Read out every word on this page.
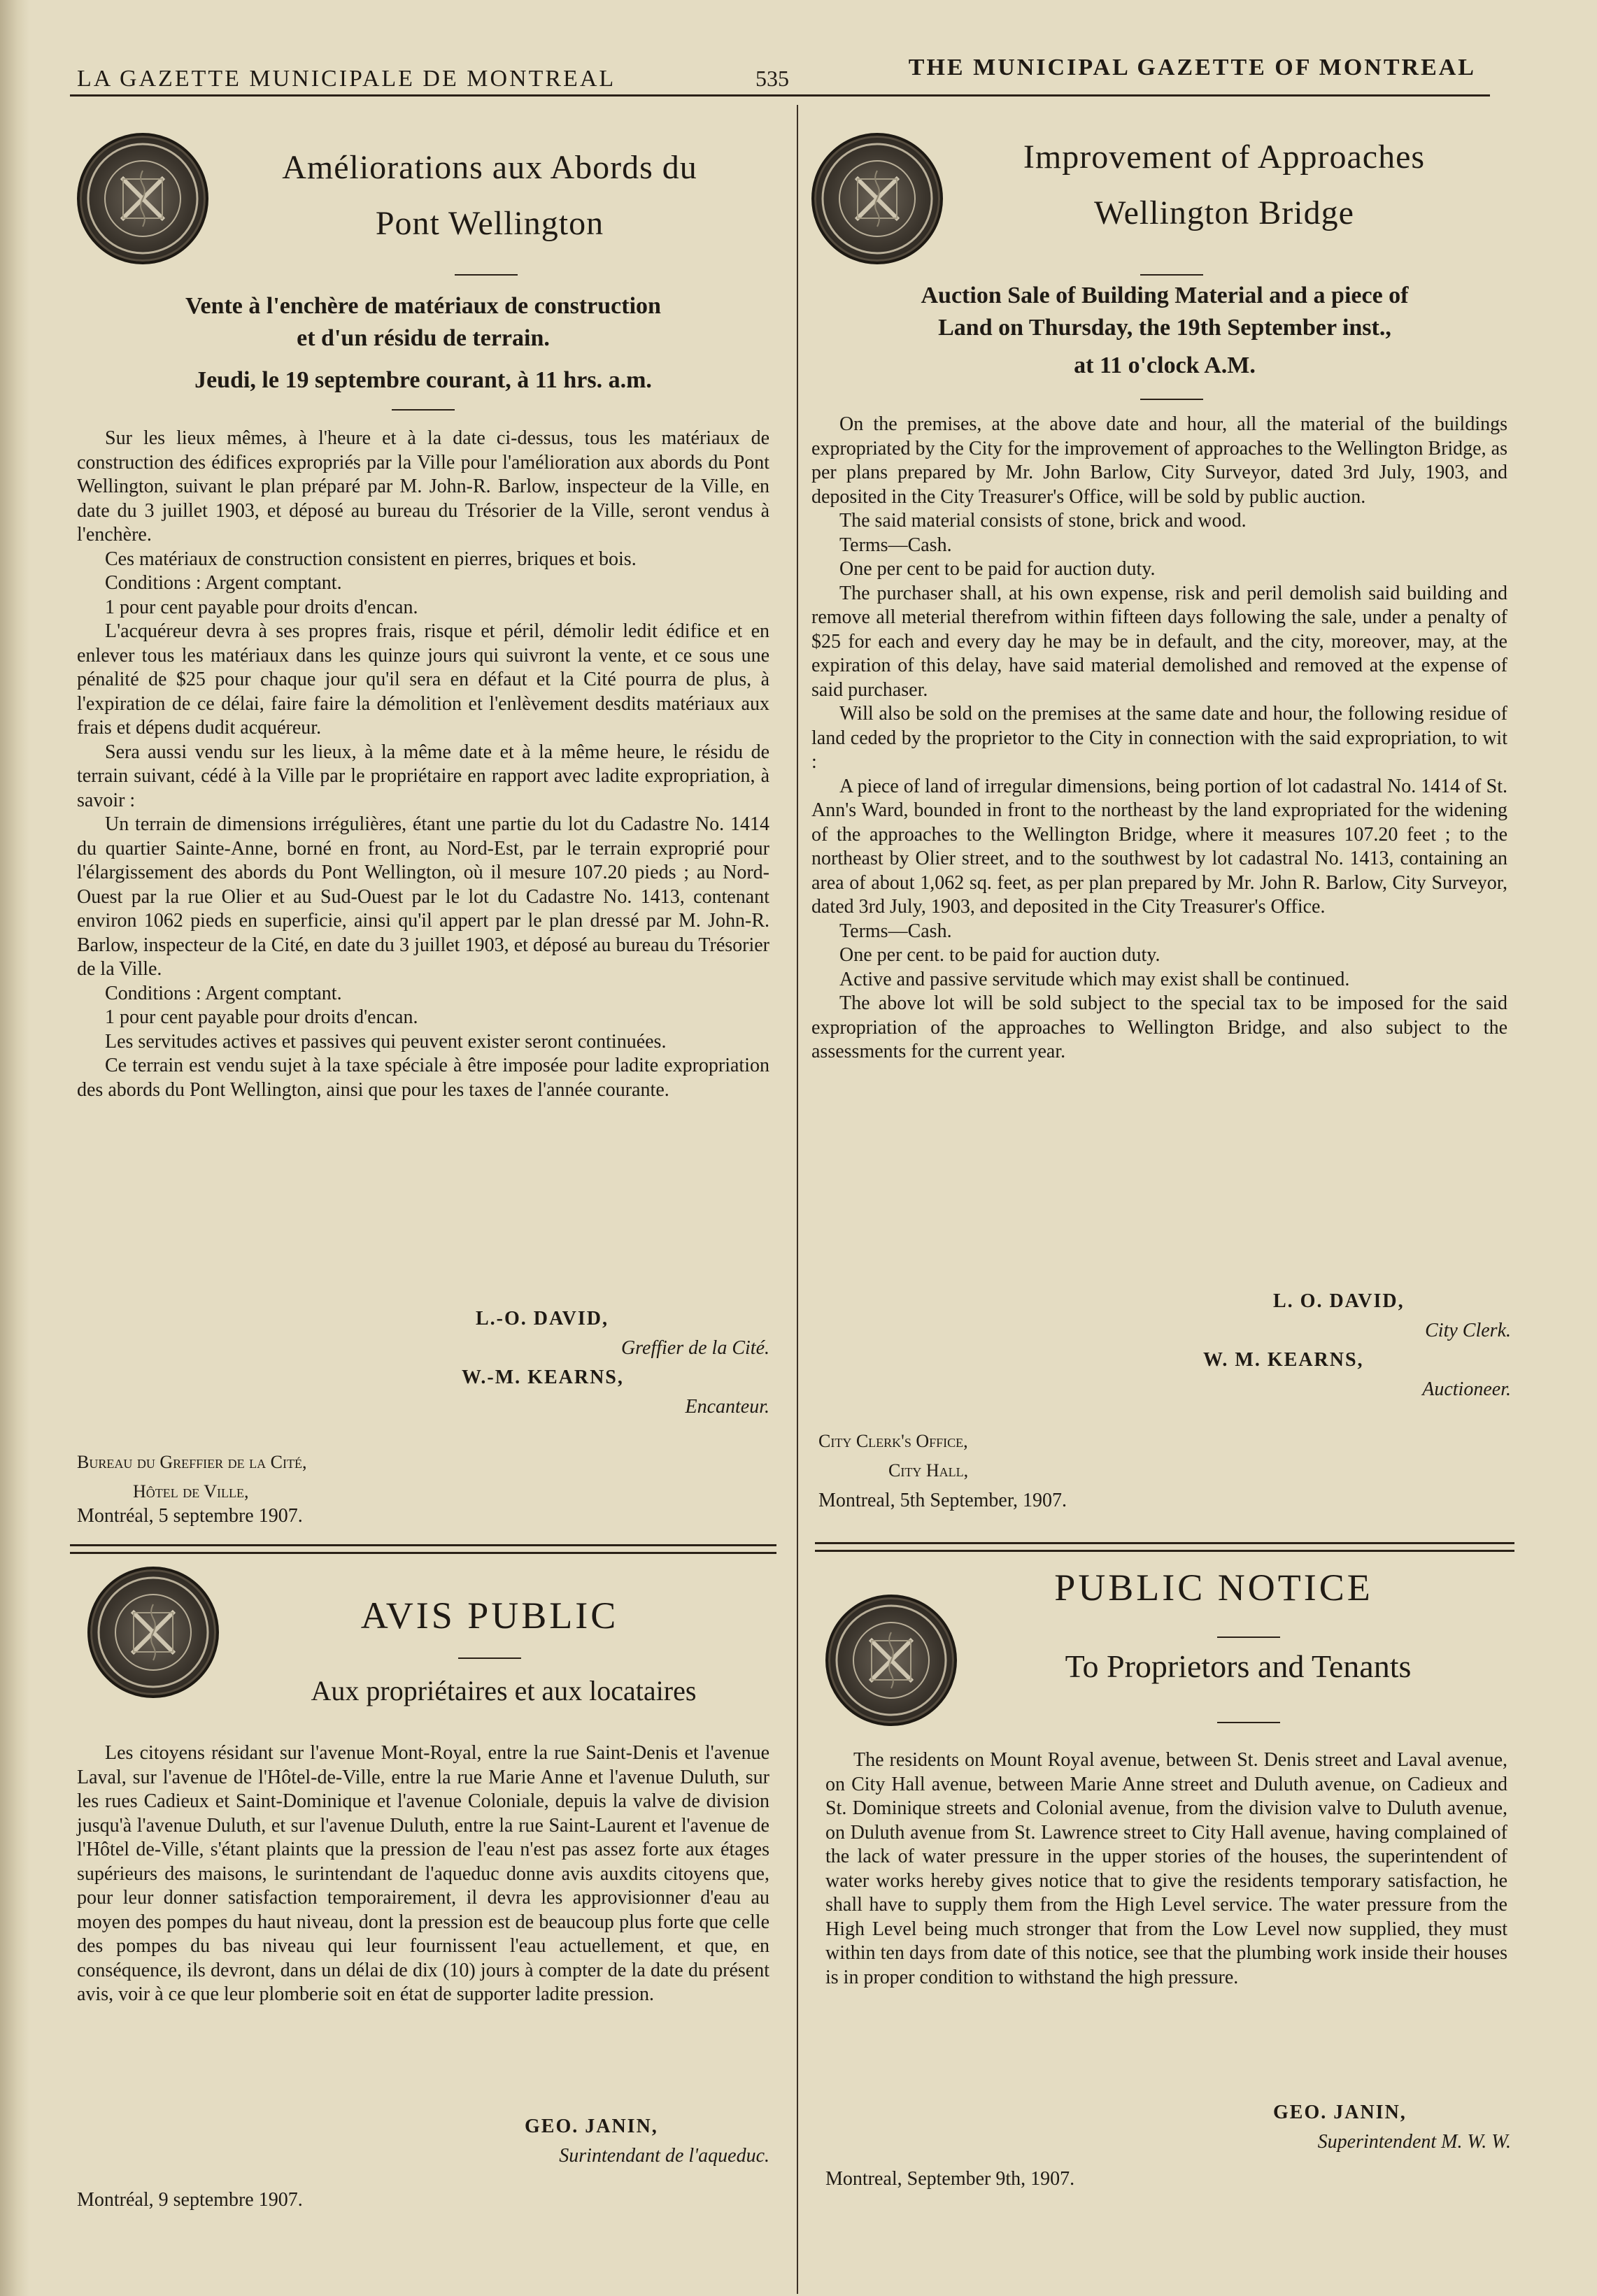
LA GAZETTE MUNICIPALE DE MONTREAL	535	THE MUNICIPAL GAZETTE OF MONTREAL
Améliorations aux Abords du
Pont Wellington
Vente à l'enchère de matériaux de construction
et d'un résidu de terrain.
Jeudi, le 19 septembre courant, à 11 hrs. a.m.

Sur les lieux mêmes, à l'heure et à la date ci-dessus, tous les matériaux de construction des édifices expropriés par la Ville pour l'amélioration aux abords du Pont Wellington, suivant le plan préparé par M. John-R. Barlow, inspecteur de la Ville, en date du 3 juillet 1903, et déposé au bureau du Trésorier de la Ville, seront vendus à l'enchère.

Ces matériaux de construction consistent en pierres, briques et bois.

Conditions : Argent comptant.

1 pour cent payable pour droits d'encan.

L'acquéreur devra à ses propres frais, risque et péril, démolir ledit édifice et en enlever tous les matériaux dans les quinze jours qui suivront la vente, et ce sous une pénalité de $25 pour chaque jour qu'il sera en défaut et la Cité pourra de plus, à l'expiration de ce délai, faire faire la démolition et l'enlèvement desdits matériaux aux frais et dépens dudit acquéreur.

Sera aussi vendu sur les lieux, à la même date et à la même heure, le résidu de terrain suivant, cédé à la Ville par le propriétaire en rapport avec ladite expropriation, à savoir :

Un terrain de dimensions irrégulières, étant une partie du lot du Cadastre No. 1414 du quartier Sainte-Anne, borné en front, au Nord-Est, par le terrain exproprié pour l'élargissement des abords du Pont Wellington, où il mesure 107.20 pieds ; au Nord-Ouest par la rue Olier et au Sud-Ouest par le lot du Cadastre No. 1413, contenant environ 1062 pieds en superficie, ainsi qu'il appert par le plan dressé par M. John-R. Barlow, inspecteur de la Cité, en date du 3 juillet 1903, et déposé au bureau du Trésorier de la Ville.

Conditions : Argent comptant.

1 pour cent payable pour droits d'encan.

Les servitudes actives et passives qui peuvent exister seront continuées.

Ce terrain est vendu sujet à la taxe spéciale à être imposée pour ladite expropriation des abords du Pont Wellington, ainsi que pour les taxes de l'année courante.

L.-O. DAVID,
Greffier de la Cité.
W.-M. KEARNS,
Encanteur.
Bureau du Greffier de la Cité,
Hôtel de Ville,
Montréal, 5 septembre 1907.
Improvement of Approaches
Wellington Bridge
Auction Sale of Building Material and a piece of
Land on Thursday, the 19th September inst.,
at 11 o'clock A.M.

On the premises, at the above date and hour, all the material of the buildings expropriated by the City for the improvement of approaches to the Wellington Bridge, as per plans prepared by Mr. John Barlow, City Surveyor, dated 3rd July, 1903, and deposited in the City Treasurer's Office, will be sold by public auction.

The said material consists of stone, brick and wood.

Terms—Cash.

One per cent to be paid for auction duty.

The purchaser shall, at his own expense, risk and peril demolish said building and remove all meterial therefrom within fifteen days following the sale, under a penalty of $25 for each and every day he may be in default, and the city, moreover, may, at the expiration of this delay, have said material demolished and removed at the expense of said purchaser.

Will also be sold on the premises at the same date and hour, the following residue of land ceded by the proprietor to the City in connection with the said expropriation, to wit :

A piece of land of irregular dimensions, being portion of lot cadastral No. 1414 of St. Ann's Ward, bounded in front to the northeast by the land expropriated for the widening of the approaches to the Wellington Bridge, where it measures 107.20 feet ; to the northeast by Olier street, and to the southwest by lot cadastral No. 1413, containing an area of about 1,062 sq. feet, as per plan prepared by Mr. John R. Barlow, City Surveyor, dated 3rd July, 1903, and deposited in the City Treasurer's Office.

Terms—Cash.

One per cent. to be paid for auction duty.

Active and passive servitude which may exist shall be continued.

The above lot will be sold subject to the special tax to be imposed for the said expropriation of the approaches to Wellington Bridge, and also subject to the assessments for the current year.

L. O. DAVID,
City Clerk.
W. M. KEARNS,
Auctioneer.
City Clerk's Office,
City Hall,
Montreal, 5th September, 1907.
AVIS PUBLIC
Aux propriétaires et aux locataires

Les citoyens résidant sur l'avenue Mont-Royal, entre la rue Saint-Denis et l'avenue Laval, sur l'avenue de l'Hôtel-de-Ville, entre la rue Marie Anne et l'avenue Duluth, sur les rues Cadieux et Saint-Dominique et l'avenue Coloniale, depuis la valve de division jusqu'à l'avenue Duluth, et sur l'avenue Duluth, entre la rue Saint-Laurent et l'avenue de l'Hôtel de-Ville, s'étant plaints que la pression de l'eau n'est pas assez forte aux étages supérieurs des maisons, le surintendant de l'aqueduc donne avis auxdits citoyens que, pour leur donner satisfaction temporairement, il devra les approvisionner d'eau au moyen des pompes du haut niveau, dont la pression est de beaucoup plus forte que celle des pompes du bas niveau qui leur fournissent l'eau actuellement, et que, en conséquence, ils devront, dans un délai de dix (10) jours à compter de la date du présent avis, voir à ce que leur plomberie soit en état de supporter ladite pression.

GEO. JANIN,
Surintendant de l'aqueduc.
Montréal, 9 septembre 1907.
PUBLIC NOTICE
To Proprietors and Tenants

The residents on Mount Royal avenue, between St. Denis street and Laval avenue, on City Hall avenue, between Marie Anne street and Duluth avenue, on Cadieux and St. Dominique streets and Colonial avenue, from the division valve to Duluth avenue, on Duluth avenue from St. Lawrence street to City Hall avenue, having complained of the lack of water pressure in the upper stories of the houses, the superintendent of water works hereby gives notice that to give the residents temporary satisfaction, he shall have to supply them from the High Level service. The water pressure from the High Level being much stronger that from the Low Level now supplied, they must within ten days from date of this notice, see that the plumbing work inside their houses is in proper condition to withstand the high pressure.

GEO. JANIN,
Superintendent M. W. W.
Montreal, September 9th, 1907.
